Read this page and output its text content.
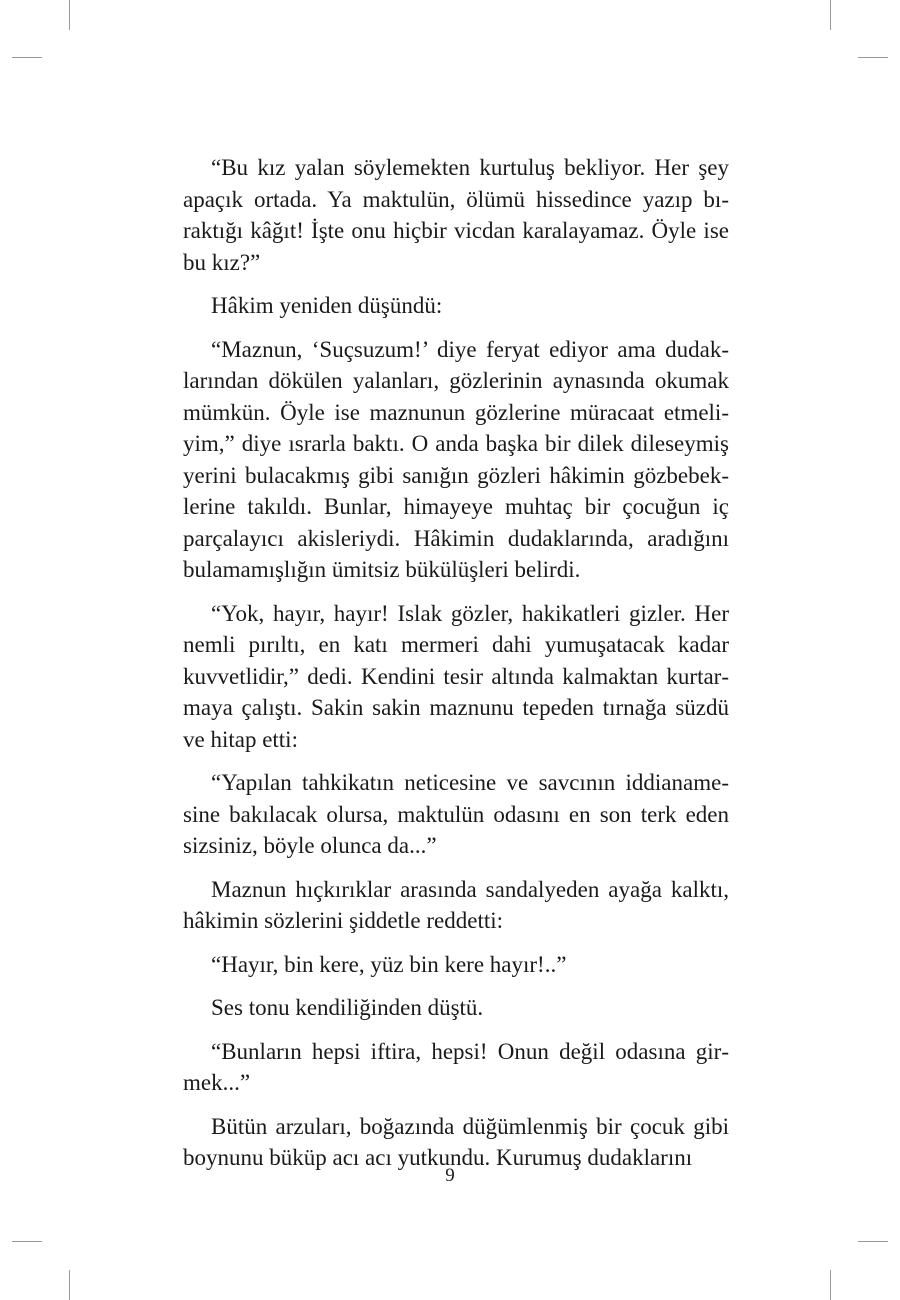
“Bu kız yalan söylemekten kurtuluş bekliyor. Her şey apaçık ortada. Ya maktulün, ölümü hissedince yazıp bıraktığı kâğıt! İşte onu hiçbir vicdan karalayamaz. Öyle ise bu kız?”

Hâkim yeniden düşündü:

“Maznun, ‘Suçsuzum!’ diye feryat ediyor ama dudaklarından dökülen yalanları, gözlerinin aynasında okumak mümkün. Öyle ise maznunun gözlerine müracaat etmeliyim,” diye ısrarla baktı. O anda başka bir dilek dileseymiş yerini bulacakmış gibi sanığın gözleri hâkimin gözbebeklerine takıldı. Bunlar, himayeye muhtaç bir çocuğun iç parçalayıcı akisleriydi. Hâkimin dudaklarında, aradığını bulamamışlığın ümitsiz bükülüşleri belirdi.

“Yok, hayır, hayır! Islak gözler, hakikatleri gizler. Her nemli pırıltı, en katı mermeri dahi yumuşatacak kadar kuvvetlidir,” dedi. Kendini tesir altında kalmaktan kurtarmaya çalıştı. Sakin sakin maznunu tepeden tırnağa süzdü ve hitap etti:

“Yapılan tahkikatın neticesine ve savcının iddianamesine bakılacak olursa, maktulün odasını en son terk eden sizsiniz, böyle olunca da...”

Maznun hıçkırıklar arasında sandalyeden ayağa kalktı, hâkimin sözlerini şiddetle reddetti:

“Hayır, bin kere, yüz bin kere hayır!..”

Ses tonu kendiliğinden düştü.

“Bunların hepsi iftira, hepsi! Onun değil odasına girmek...”

Bütün arzuları, boğazında düğümlenmiş bir çocuk gibi boynunu büküp acı acı yutkundu. Kurumuş dudaklarını

9
